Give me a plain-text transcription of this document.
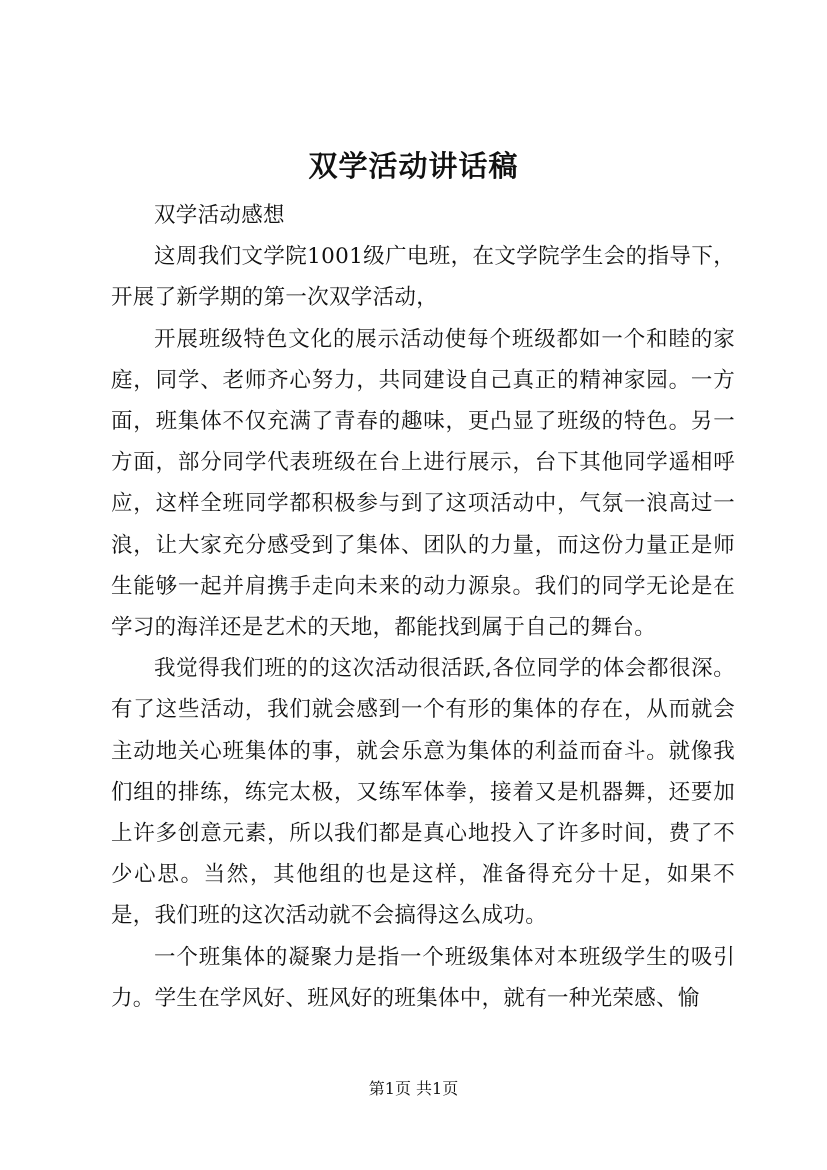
双学活动讲话稿

双学活动感想

这周我们文学院1001级广电班，在文学院学生会的指导下，开展了新学期的第一次双学活动，

开展班级特色文化的展示活动使每个班级都如一个和睦的家庭，同学、老师齐心努力，共同建设自己真正的精神家园。一方面，班集体不仅充满了青春的趣味，更凸显了班级的特色。另一方面，部分同学代表班级在台上进行展示，台下其他同学遥相呼应，这样全班同学都积极参与到了这项活动中，气氛一浪高过一浪，让大家充分感受到了集体、团队的力量，而这份力量正是师生能够一起并肩携手走向未来的动力源泉。我们的同学无论是在学习的海洋还是艺术的天地，都能找到属于自己的舞台。

我觉得我们班的的这次活动很活跃,各位同学的体会都很深。有了这些活动，我们就会感到一个有形的集体的存在，从而就会主动地关心班集体的事，就会乐意为集体的利益而奋斗。就像我们组的排练，练完太极，又练军体拳，接着又是机器舞，还要加上许多创意元素，所以我们都是真心地投入了许多时间，费了不少心思。当然，其他组的也是这样，准备得充分十足，如果不是，我们班的这次活动就不会搞得这么成功。

一个班集体的凝聚力是指一个班级集体对本班级学生的吸引力。学生在学风好、班风好的班集体中，就有一种光荣感、愉

第1页 共1页
